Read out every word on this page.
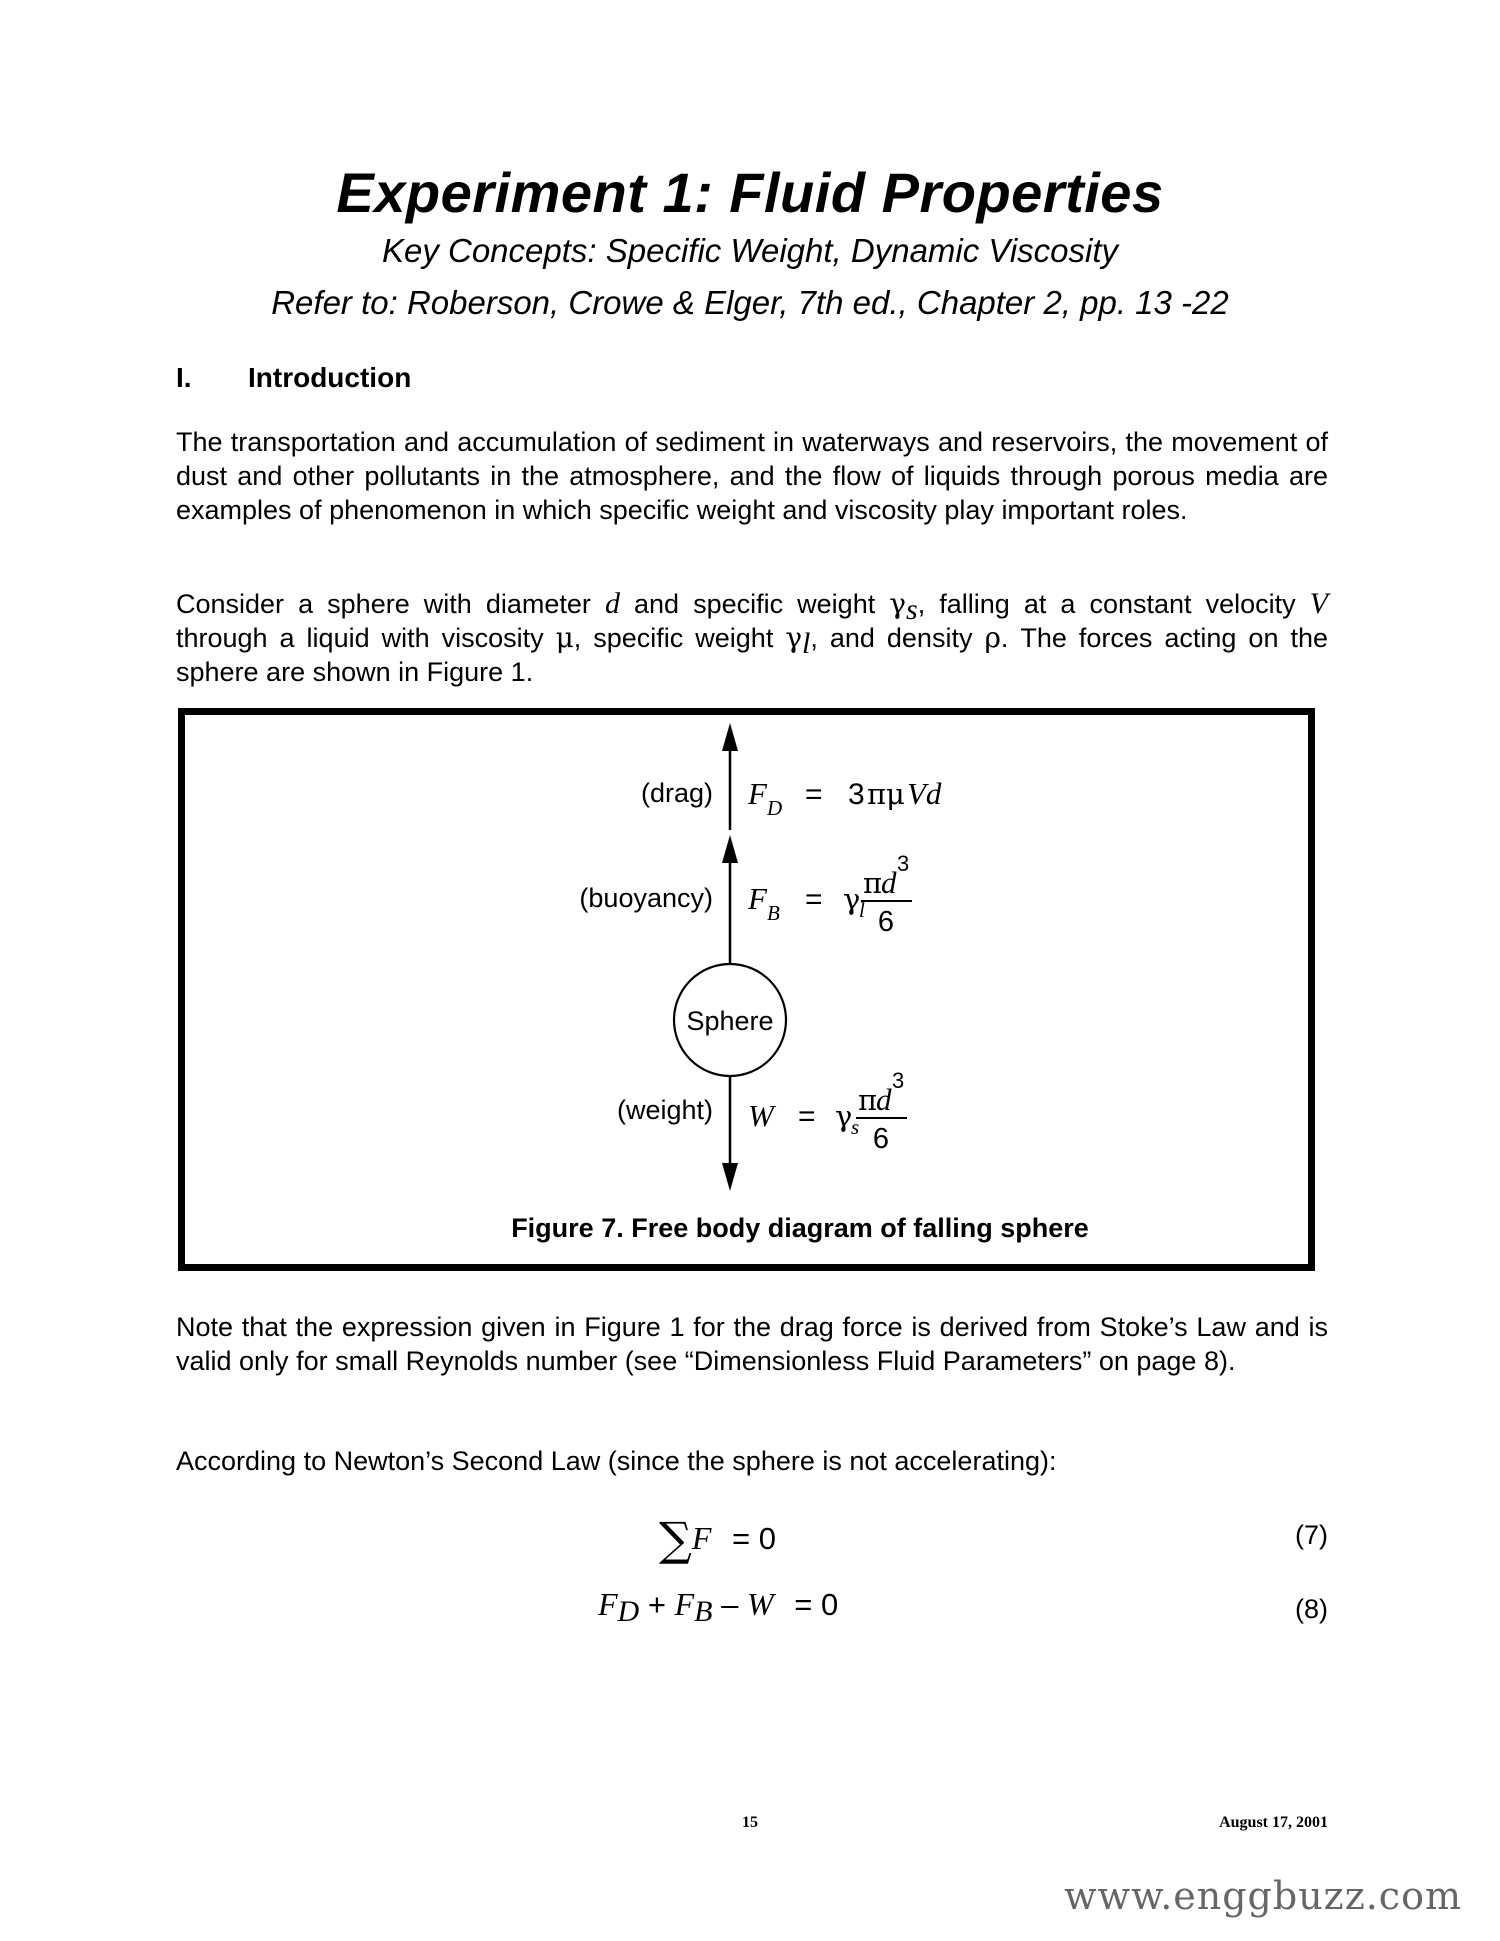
Experiment 1: Fluid Properties
Key Concepts: Specific Weight, Dynamic Viscosity
Refer to: Roberson, Crowe & Elger, 7th ed., Chapter 2, pp. 13 -22
I. Introduction
The transportation and accumulation of sediment in waterways and reservoirs, the movement of dust and other pollutants in the atmosphere, and the flow of liquids through porous media are examples of phenomenon in which specific weight and viscosity play important roles.
Consider a sphere with diameter d and specific weight $\gamma_s$, falling at a constant velocity V through a liquid with viscosity μ, specific weight $\gamma_l$, and density ρ. The forces acting on the sphere are shown in Figure 1.
Sphere
(drag)
(buoyancy)
(weight)
F D = 3 πμ Vd
F B = γ
l
π
d
3
6
W = γ
s
π
d
3
6
Figure 7. Free body diagram of falling sphere
Note that the expression given in Figure 1 for the drag force is derived from Stoke’s Law and is valid only for small Reynolds number (see “Dimensionless Fluid Parameters” on page 8).
According to Newton’s Second Law (since the sphere is not accelerating):
∑F = 0	(7)
$F_D + F_B - W = 0$	(8)
15	August 17, 2001
www.enggbuzz.com
